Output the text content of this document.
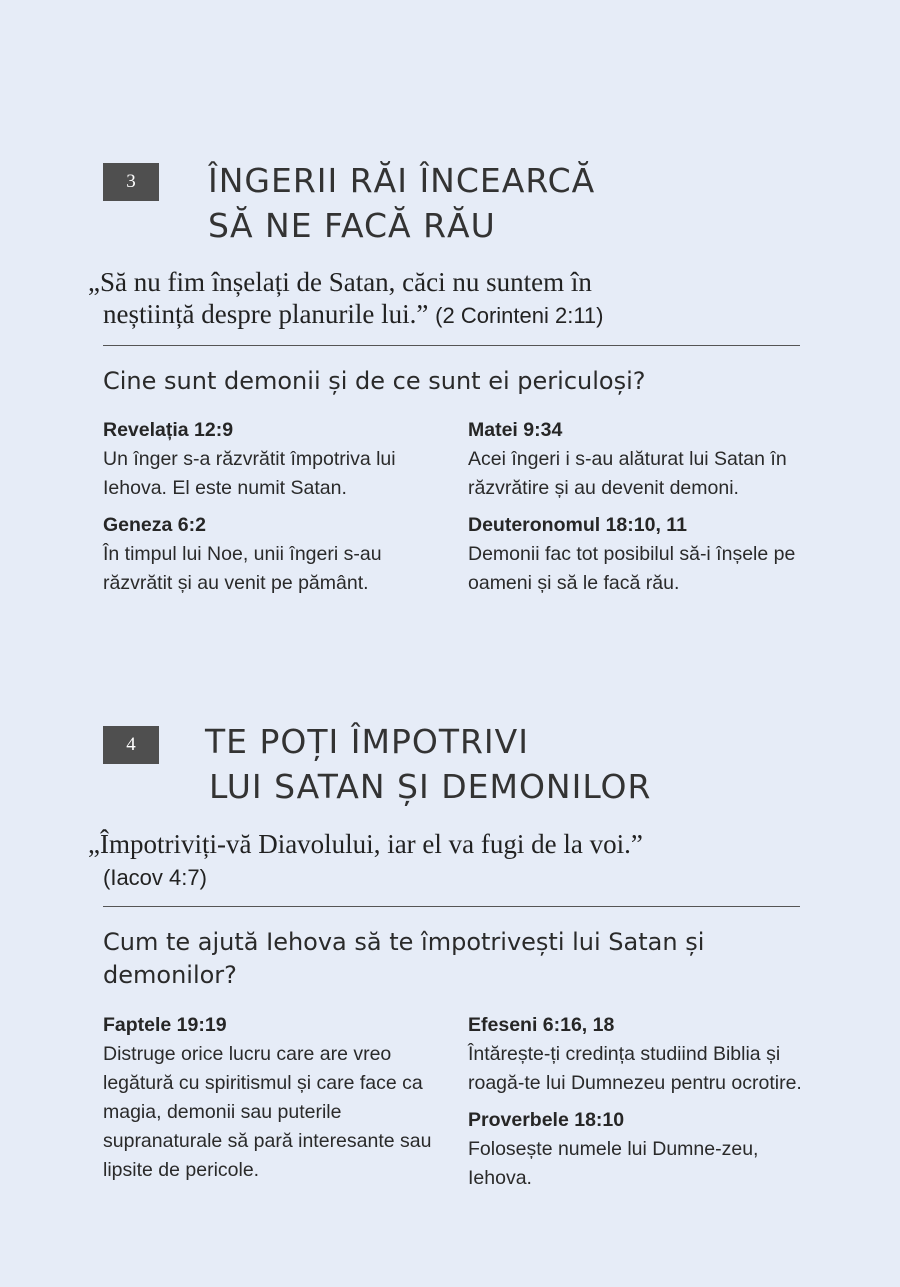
3	ÎNGERII RĂI ÎNCEARCĂ
SĂ NE FACĂ RĂU

„Să nu fim înșelați de Satan, căci nu suntem în
neștiință despre planurile lui.” (2 Corinteni 2:11)

Cine sunt demonii și de ce sunt ei periculoși?
Revelația 12:9
Un înger s-a răzvrătit împotriva lui Iehova. El este numit Satan.
Geneza 6:2
În timpul lui Noe, unii îngeri s-au răzvrătit și au venit pe pământ.
Matei 9:34
Acei îngeri i s-au alăturat lui Satan în răzvrătire și au devenit demoni.
Deuteronomul 18:10, 11
Demonii fac tot posibilul să-i înșele pe oameni și să le facă rău.
4	TE POȚI ÎMPOTRIVI
LUI SATAN ȘI DEMONILOR

„Împotriviți-vă Diavolului, iar el va fugi de la voi.”
(Iacov 4:7)

Cum te ajută Iehova să te împotrivești lui Satan și demonilor?
Faptele 19:19
Distruge orice lucru care are vreo legătură cu spiritismul și care face ca magia, demonii sau puterile supranaturale să pară interesante sau lipsite de pericole.
Efeseni 6:16, 18
Întărește-ți credința studiind Biblia și roagă-te lui Dumnezeu pentru ocrotire.
Proverbele 18:10
Folosește numele lui Dumne-zeu, Iehova.
